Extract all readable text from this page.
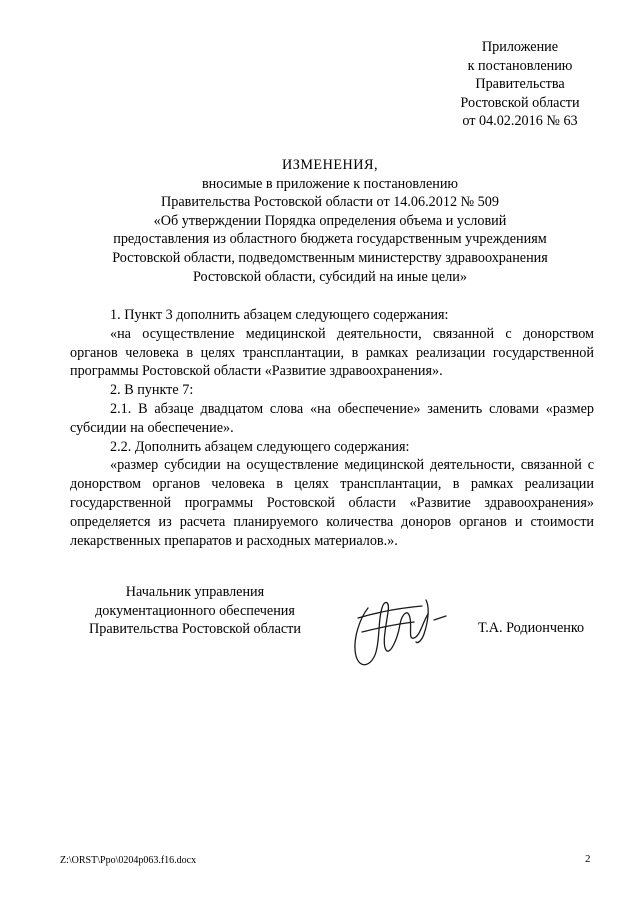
Приложение
к постановлению
Правительства
Ростовской области
от 04.02.2016 № 63
ИЗМЕНЕНИЯ,
вносимые в приложение к постановлению
Правительства Ростовской области от 14.06.2012 № 509
«Об утверждении Порядка определения объема и условий
предоставления из областного бюджета государственным учреждениям
Ростовской области, подведомственным министерству здравоохранения
Ростовской области, субсидий на иные цели»

1. Пункт 3 дополнить абзацем следующего содержания:

«на осуществление медицинской деятельности, связанной с донорством органов человека в целях трансплантации, в рамках реализации государственной программы Ростовской области «Развитие здравоохранения».

2. В пункте 7:

2.1. В абзаце двадцатом слова «на обеспечение» заменить словами «размер субсидии на обеспечение».

2.2. Дополнить абзацем следующего содержания:

«размер субсидии на осуществление медицинской деятельности, связанной с донорством органов человека в целях трансплантации, в рамках реализации государственной программы Ростовской области «Развитие здравоохранения» определяется из расчета планируемого количества доноров органов и стоимости лекарственных препаратов и расходных материалов.».

Начальник управления
документационного обеспечения
Правительства Ростовской области	Т.А. Родионченко
Z:\ORST\Ppo\0204p063.f16.docx	2
